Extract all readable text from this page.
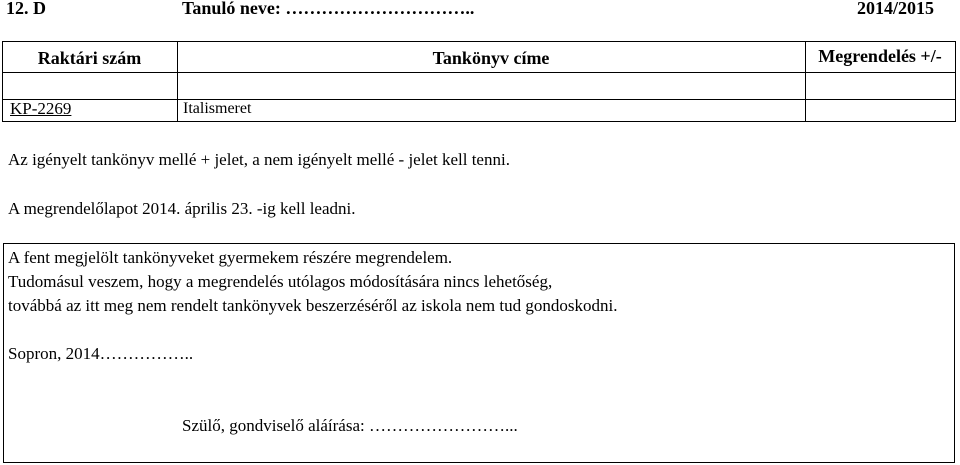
12. D	Tanuló neve: …………………………..	2014/2015
Raktári szám	Tankönyv címe	Megrendelés +/-
KP-2269	Italismeret
Az igényelt tankönyv mellé + jelet, a nem igényelt mellé - jelet kell tenni.
A megrendelőlapot 2014. április 23. -ig kell leadni.
A fent megjelölt tankönyveket gyermekem részére megrendelem.
Tudomásul veszem, hogy a megrendelés utólagos módosítására nincs lehetőség,
továbbá az itt meg nem rendelt tankönyvek beszerzéséről az iskola nem tud gondoskodni.
Sopron, 2014……………..
Szülő, gondviselő aláírása: ……………………...
